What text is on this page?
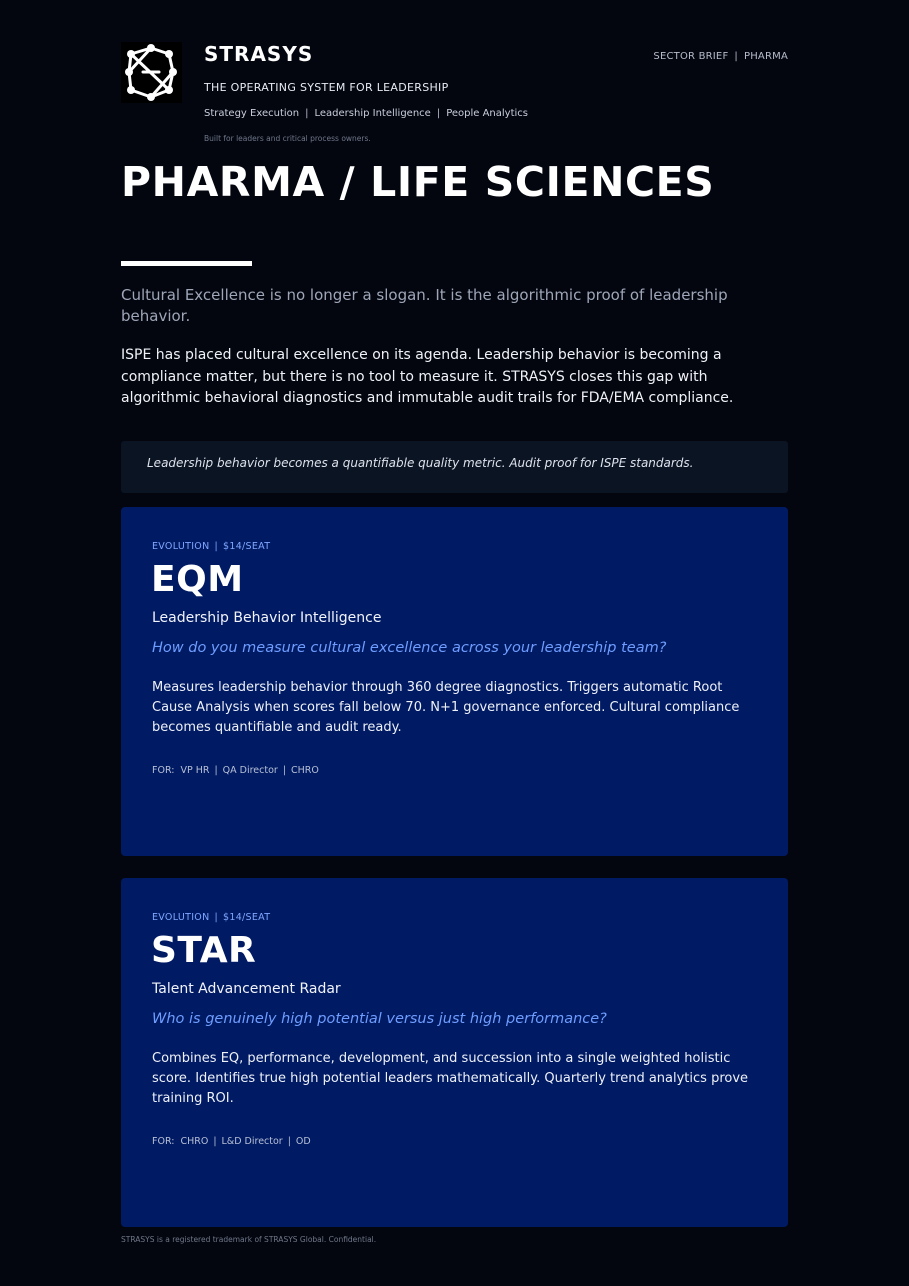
STRASYS
THE OPERATING SYSTEM FOR LEADERSHIP
Strategy Execution | Leadership Intelligence | People Analytics
Built for leaders and critical process owners.
SECTOR BRIEF | PHARMA
PHARMA / LIFE SCIENCES
Cultural Excellence is no longer a slogan. It is the algorithmic proof of leadership behavior.
ISPE has placed cultural excellence on its agenda. Leadership behavior is becoming a compliance matter, but there is no tool to measure it. STRASYS closes this gap with algorithmic behavioral diagnostics and immutable audit trails for FDA/EMA compliance.
Leadership behavior becomes a quantifiable quality metric. Audit proof for ISPE standards.
EVOLUTION | $14/SEAT
EQM
Leadership Behavior Intelligence
How do you measure cultural excellence across your leadership team?
Measures leadership behavior through 360 degree diagnostics. Triggers automatic Root Cause Analysis when scores fall below 70. N+1 governance enforced. Cultural compliance becomes quantifiable and audit ready.
FOR: VP HR | QA Director | CHRO
EVOLUTION | $14/SEAT
STAR
Talent Advancement Radar
Who is genuinely high potential versus just high performance?
Combines EQ, performance, development, and succession into a single weighted holistic score. Identifies true high potential leaders mathematically. Quarterly trend analytics prove training ROI.
FOR: CHRO | L&D Director | OD
STRASYS is a registered trademark of STRASYS Global. Confidential.
